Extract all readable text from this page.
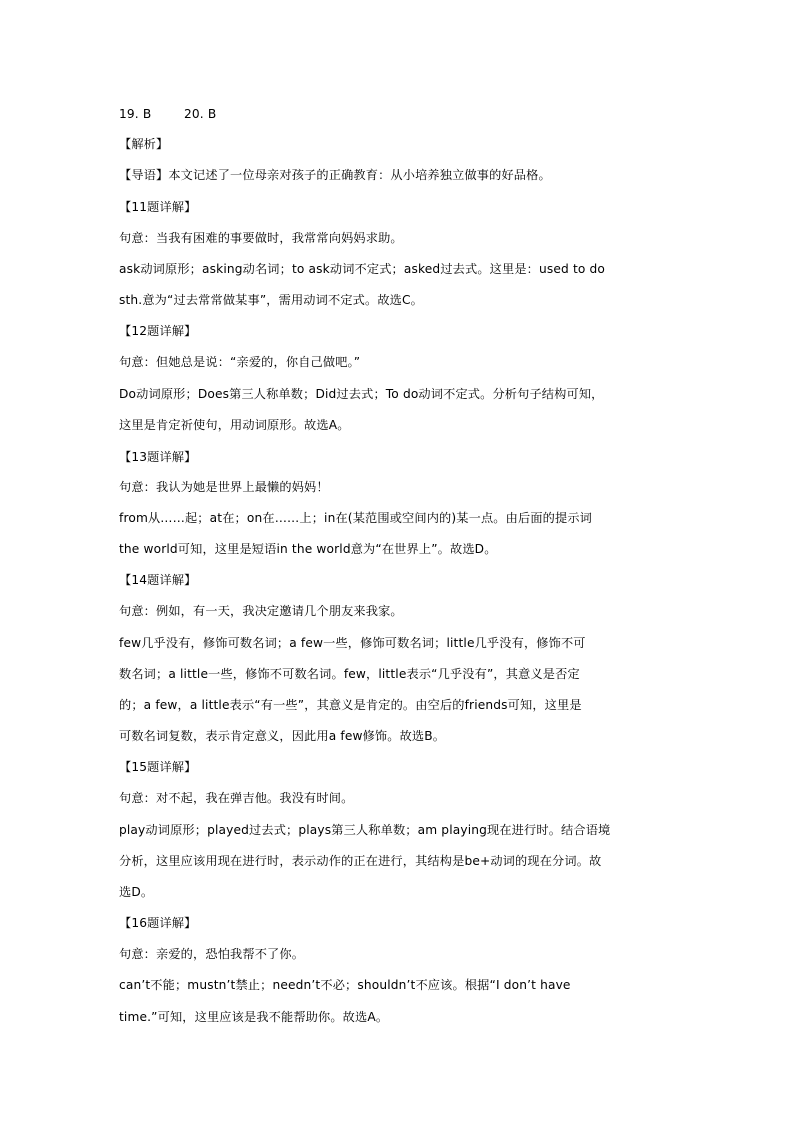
19. B	20. B
【解析】
【导语】本文记述了一位母亲对孩子的正确教育：从小培养独立做事的好品格。
【11题详解】
句意：当我有困难的事要做时，我常常向妈妈求助。
ask动词原形；asking动名词；to ask动词不定式；asked过去式。这里是：used to do
sth.意为“过去常常做某事”，需用动词不定式。故选C。
【12题详解】
句意：但她总是说：“亲爱的，你自己做吧。”
Do动词原形；Does第三人称单数；Did过去式；To do动词不定式。分析句子结构可知，
这里是肯定祈使句，用动词原形。故选A。
【13题详解】
句意：我认为她是世界上最懒的妈妈！
from从……起；at在；on在……上；in在(某范围或空间内的)某一点。由后面的提示词
the world可知，这里是短语in the world意为“在世界上”。故选D。
【14题详解】
句意：例如，有一天，我决定邀请几个朋友来我家。
few几乎没有，修饰可数名词；a few一些，修饰可数名词；little几乎没有，修饰不可
数名词；a little一些，修饰不可数名词。few，little表示“几乎没有”，其意义是否定
的；a few，a little表示“有一些”，其意义是肯定的。由空后的friends可知，这里是
可数名词复数，表示肯定意义，因此用a few修饰。故选B。
【15题详解】
句意：对不起，我在弹吉他。我没有时间。
play动词原形；played过去式；plays第三人称单数；am playing现在进行时。结合语境
分析，这里应该用现在进行时，表示动作的正在进行，其结构是be+动词的现在分词。故
选D。
【16题详解】
句意：亲爱的，恐怕我帮不了你。
can’t不能；mustn’t禁止；needn’t不必；shouldn’t不应该。根据“I don’t have
time.”可知，这里应该是我不能帮助你。故选A。
